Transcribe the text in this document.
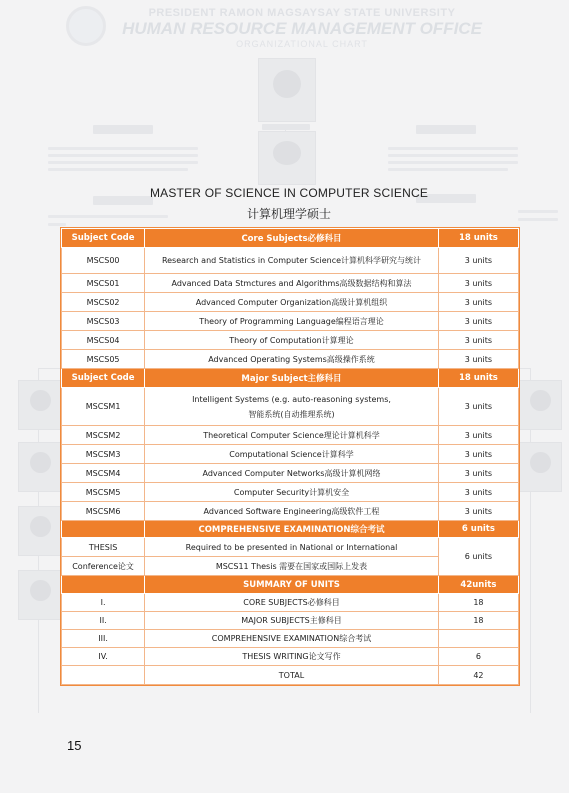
PRESIDENT RAMON MAGSAYSAY STATE UNIVERSITY
HUMAN RESOURCE MANAGEMENT OFFICE
ORGANIZATIONAL CHART
MASTER OF SCIENCE IN COMPUTER SCIENCE
计算机理学硕士
Subject Code	Core Subjects必修科目	18 units
MSCS00	Research and Statistics in Computer Science计算机科学研究与统计	3 units
MSCS01	Advanced Data Stmctures and Algorithms高级数据结构和算法	3 units
MSCS02	Advanced Computer Organization高级计算机组织	3 units
MSCS03	Theory of Programming Language编程语言理论	3 units
MSCS04	Theory of Computation计算理论	3 units
MSCS05	Advanced Operating Systems高级操作系统	3 units
Subject Code	Major Subject主修科目	18 units
MSCSM1	Intelligent Systems (e.g. auto-reasoning systems,
智能系统(自动推理系统)	3 units
MSCSM2	Theoretical Computer Science理论计算机科学	3 units
MSCSM3	Computational Science计算科学	3 units
MSCSM4	Advanced Computer Networks高级计算机网络	3 units
MSCSM5	Computer Security计算机安全	3 units
MSCSM6	Advanced Software Engineering高级软件工程	3 units
	COMPREHENSIVE EXAMINATION综合考试	6 units
THESIS	Required to be presented in National or International	6 units
Conference论文	MSCS11 Thesis 需要在国家或国际上发表	
	SUMMARY OF UNITS	42units
I.	CORE SUBJECTS必修科目	18
II.	MAJOR SUBJECTS主修科目	18
III.	COMPREHENSIVE EXAMINATION综合考试	
IV.	THESIS WRITING论文写作	6
	TOTAL	42
15
